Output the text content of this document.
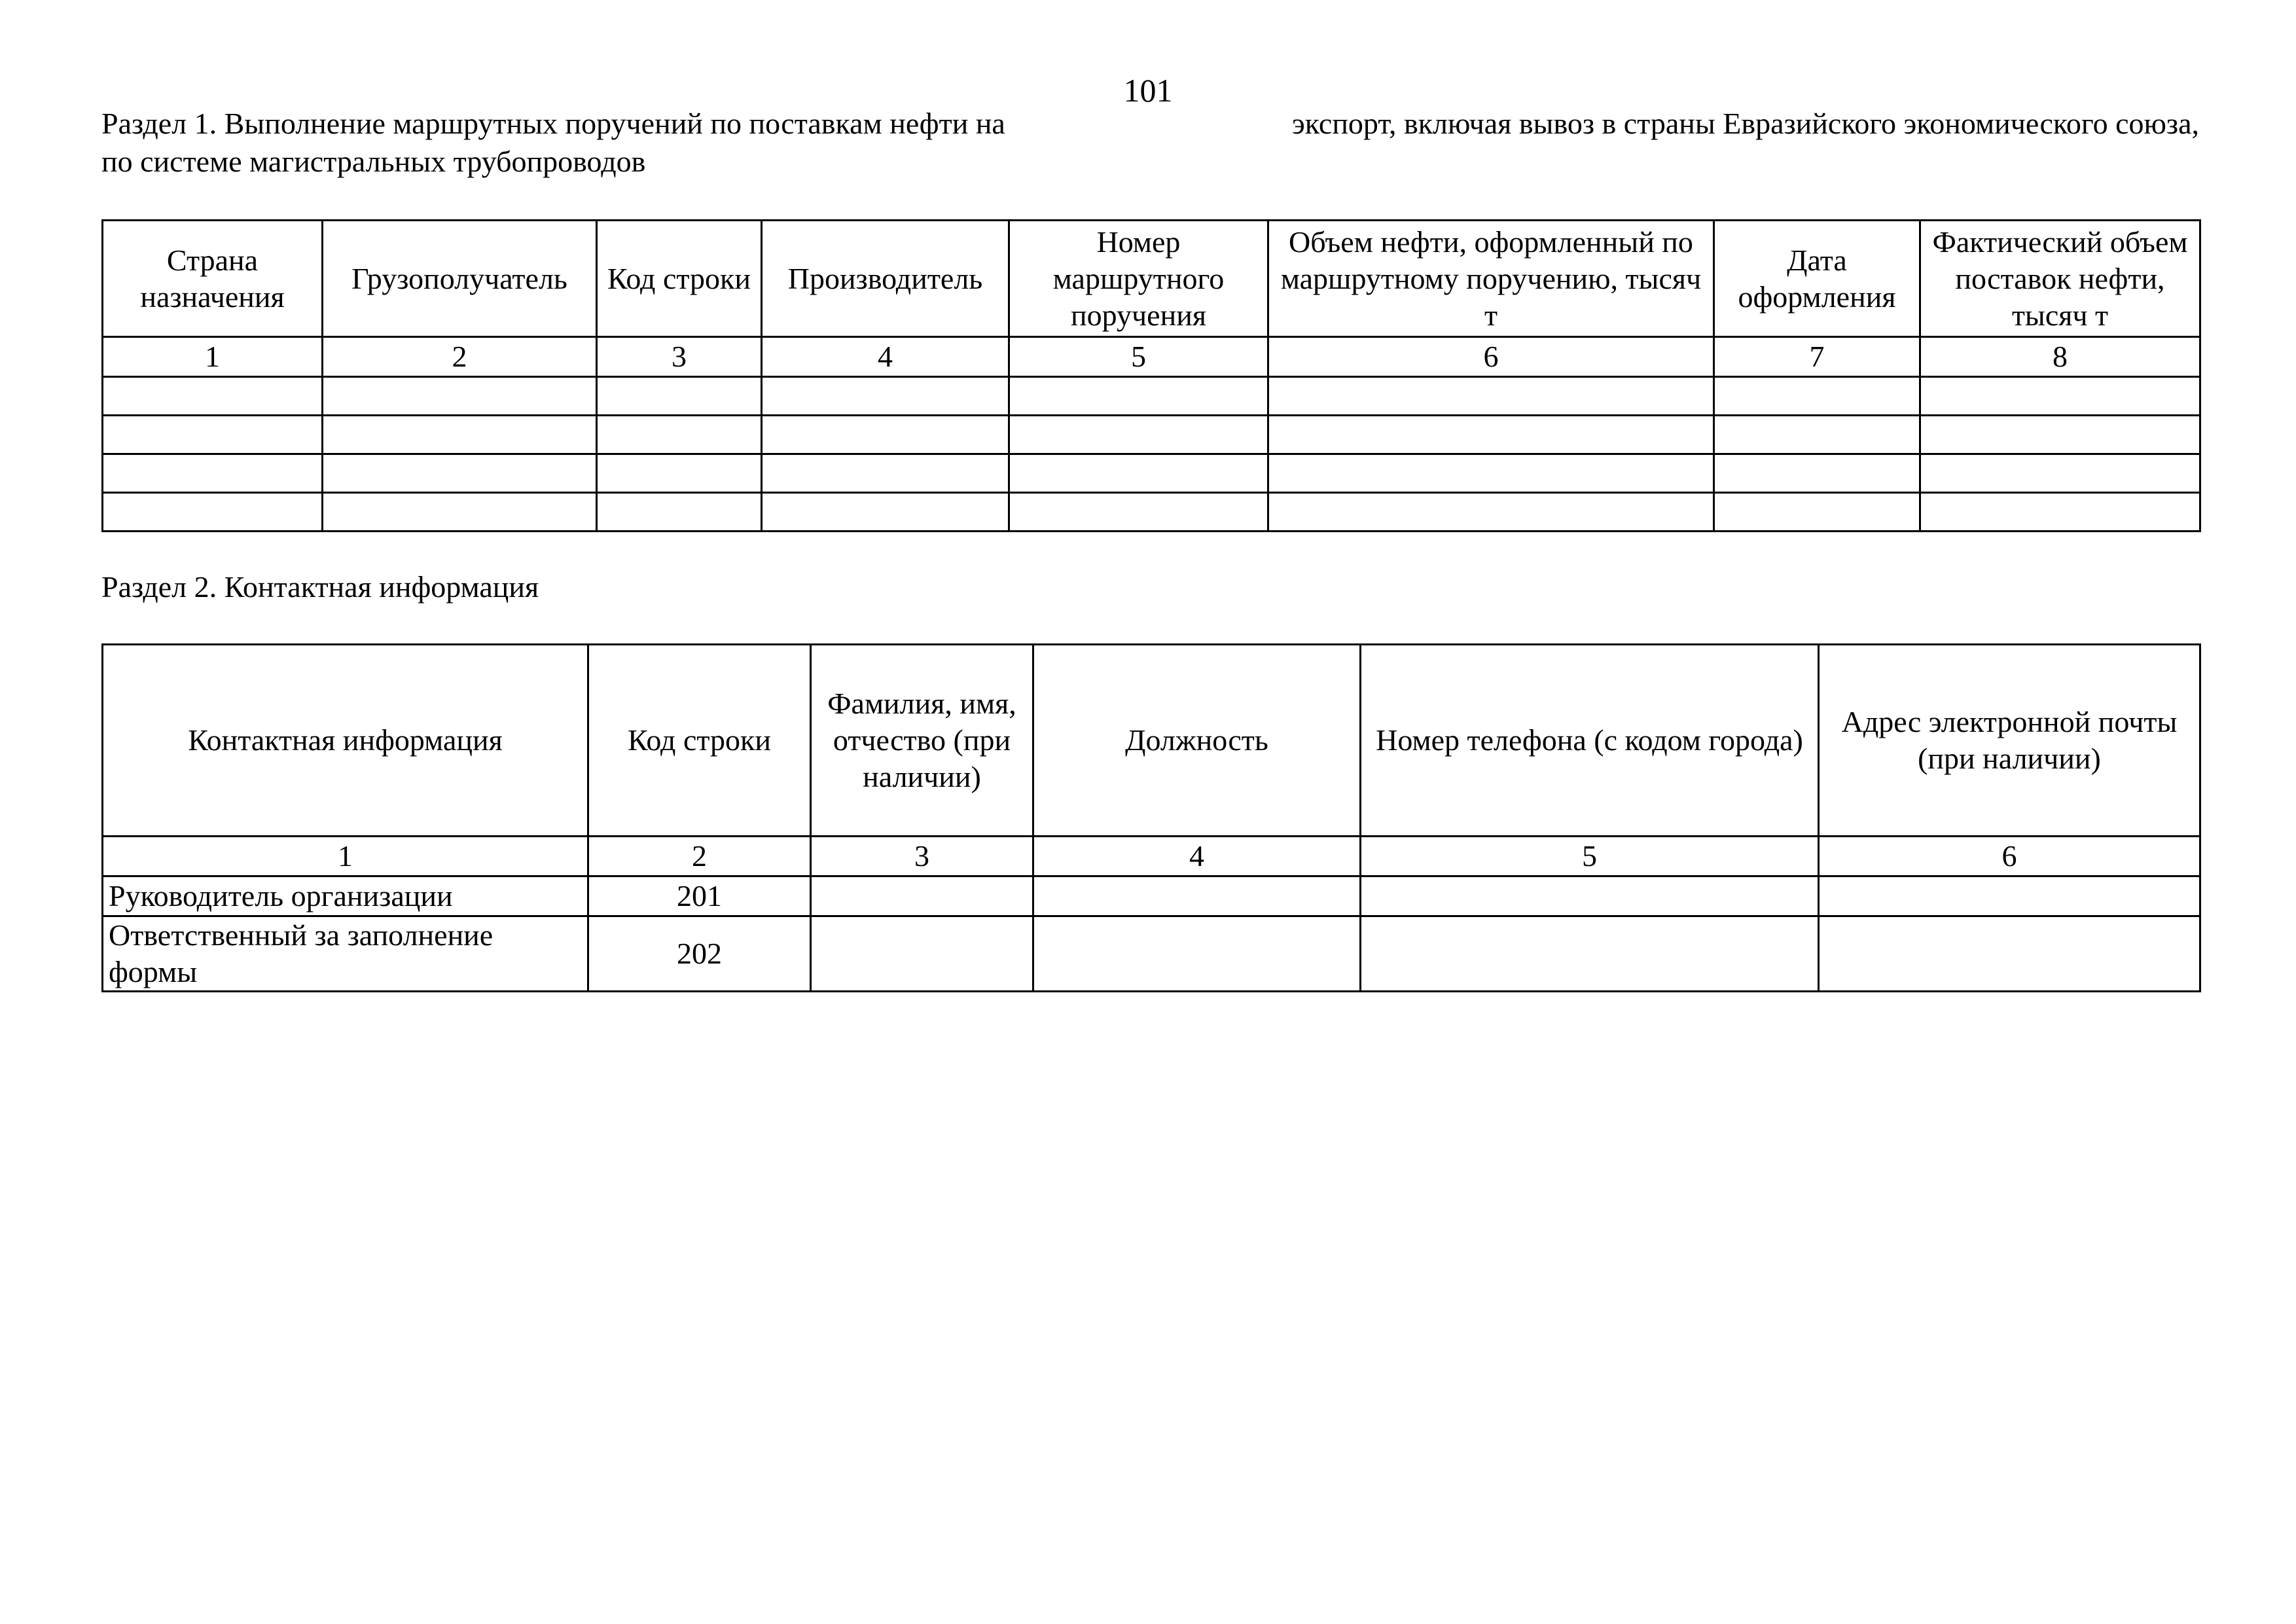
101
Раздел 1. Выполнение маршрутных поручений по поставкам нефти на	экспорт, включая вывоз в страны Евразийского экономического союза,
по системе магистральных трубопроводов
Страна назначения	Грузополучатель	Код строки	Производитель	Номер маршрутного поручения	Объем нефти, оформленный по маршрутному поручению, тысяч т	Дата оформления	Фактический объем поставок нефти, тысяч т
1	2	3	4	5	6	7	8

Раздел 2. Контактная информация
Контактная информация	Код строки	Фамилия, имя, отчество (при наличии)	Должность	Номер телефона (с кодом города)	Адрес электронной почты (при наличии)
1	2	3	4	5	6
Руководитель организации	201				
Ответственный за заполнение формы	202				
